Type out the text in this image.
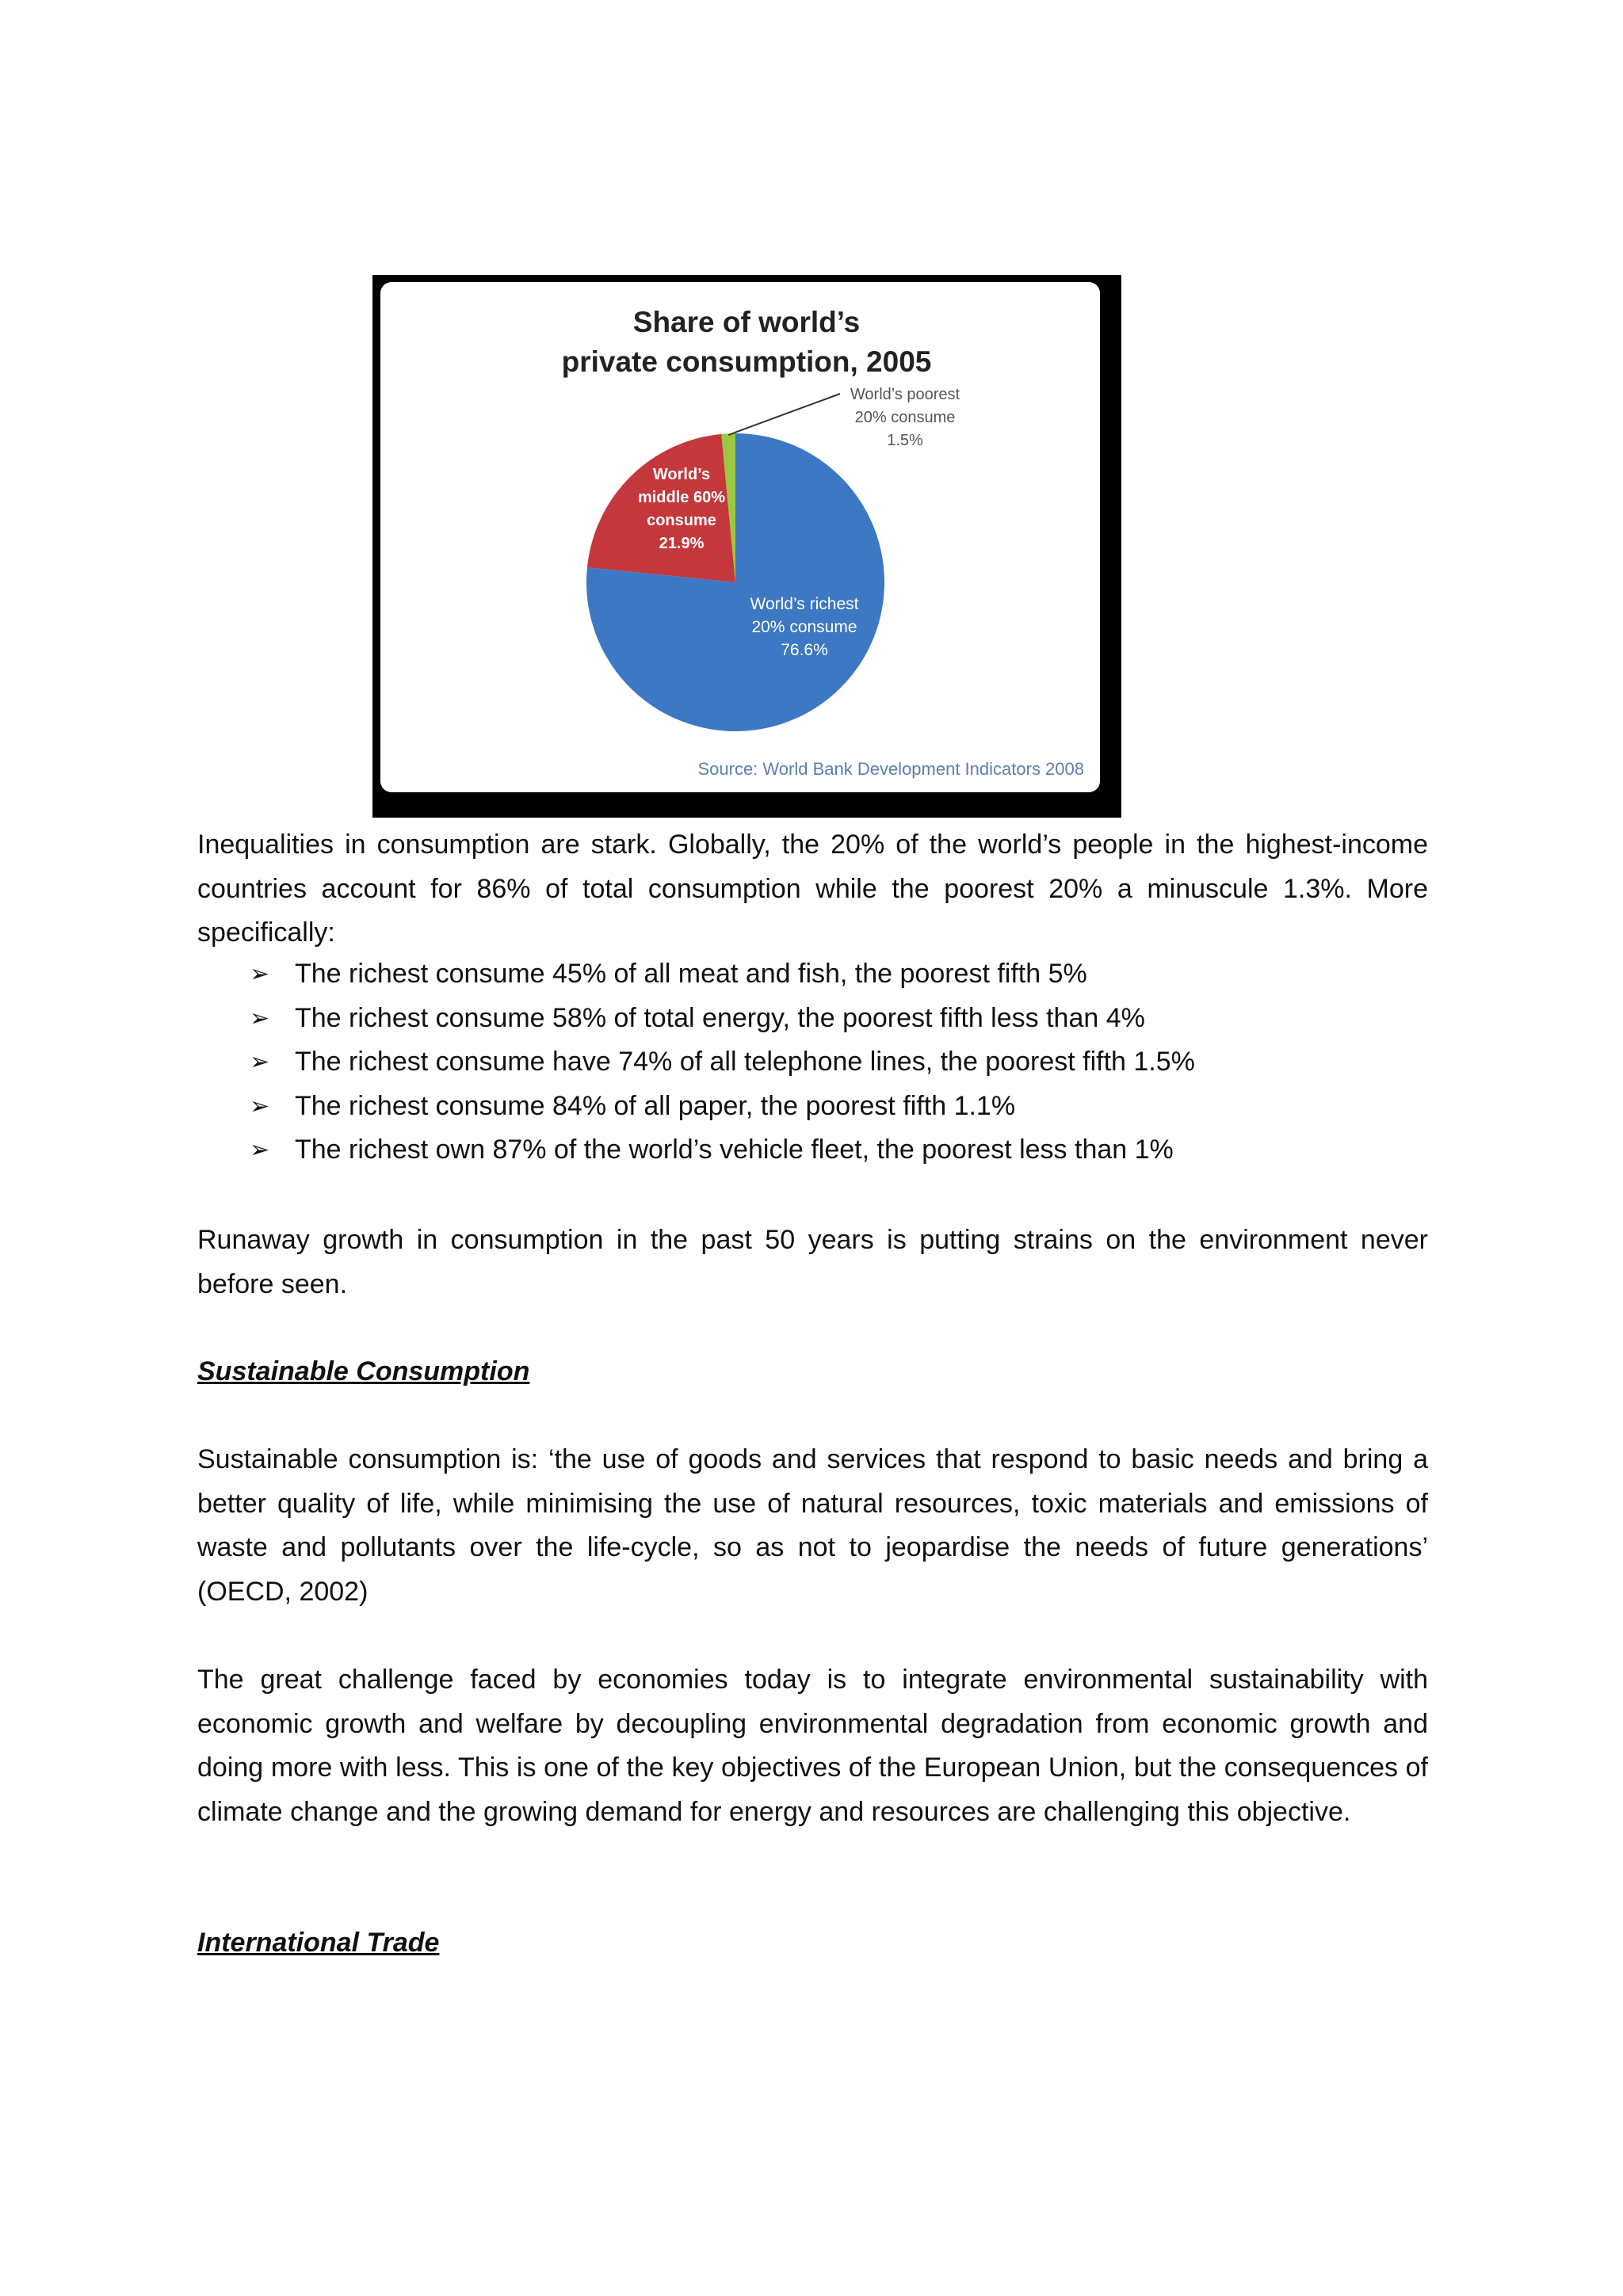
Share of world’s
private consumption, 2005
World’s richest 20% consume 76.6%
World’s middle 60% consume 21.9%
World’s poorest 20% consume 1.5%
Source: World Bank Development Indicators 2008

Inequalities in consumption are stark. Globally, the 20% of the world’s people in the highest-income countries account for 86% of total consumption while the poorest 20% a minuscule 1.3%. More specifically:

➢ The richest consume 45% of all meat and fish, the poorest fifth 5%
➢ The richest consume 58% of total energy, the poorest fifth less than 4%
➢ The richest consume have 74% of all telephone lines, the poorest fifth 1.5%
➢ The richest consume 84% of all paper, the poorest fifth 1.1%
➢ The richest own 87% of the world’s vehicle fleet, the poorest less than 1%

Runaway growth in consumption in the past 50 years is putting strains on the environment never before seen.

Sustainable Consumption

Sustainable consumption is: ‘the use of goods and services that respond to basic needs and bring a better quality of life, while minimising the use of natural resources, toxic materials and emissions of waste and pollutants over the life-cycle, so as not to jeopardise the needs of future generations’ (OECD, 2002)

The great challenge faced by economies today is to integrate environmental sustainability with economic growth and welfare by decoupling environmental degradation from economic growth and doing more with less. This is one of the key objectives of the European Union, but the consequences of climate change and the growing demand for energy and resources are challenging this objective.

International Trade
